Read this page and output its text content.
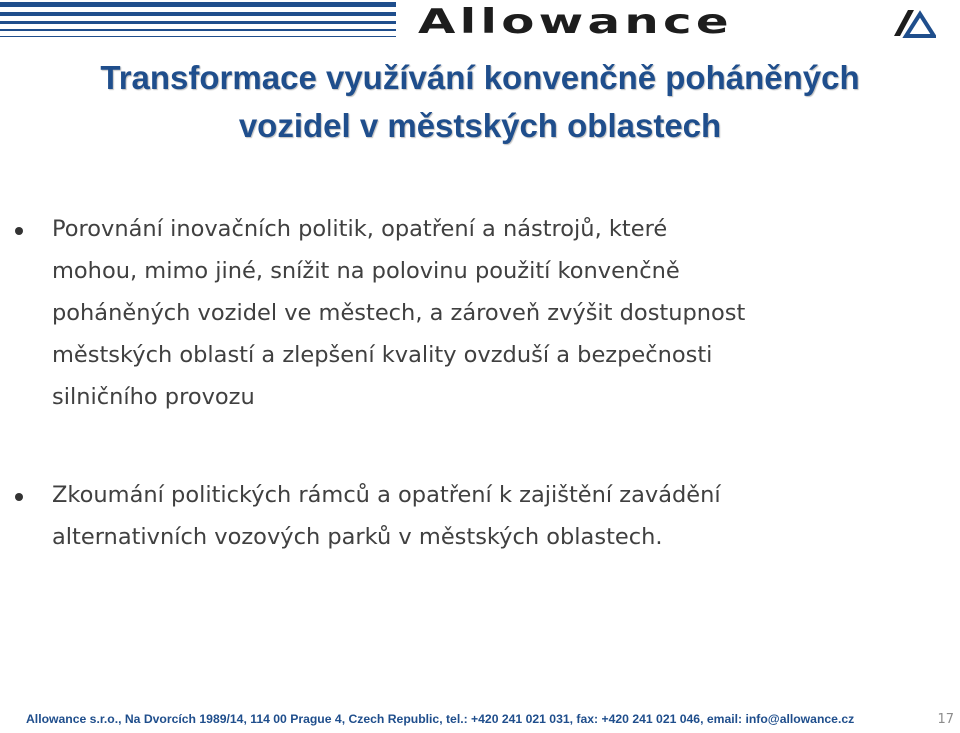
Allowance
Transformace využívání konvenčně poháněných
vozidel v městských oblastech
Porovnání inovačních politik, opatření a nástrojů, které
mohou, mimo jiné, snížit na polovinu použití konvenčně
poháněných vozidel ve městech, a zároveň zvýšit dostupnost
městských oblastí a zlepšení kvality ovzduší a bezpečnosti
silničního provozu
Zkoumání politických rámců a opatření k zajištění zavádění
alternativních vozových parků v městských oblastech.
Allowance s.r.o., Na Dvorcích 1989/14, 114 00 Prague 4, Czech Republic, tel.: +420 241 021 031, fax: +420 241 021 046, email: info@allowance.cz	17
